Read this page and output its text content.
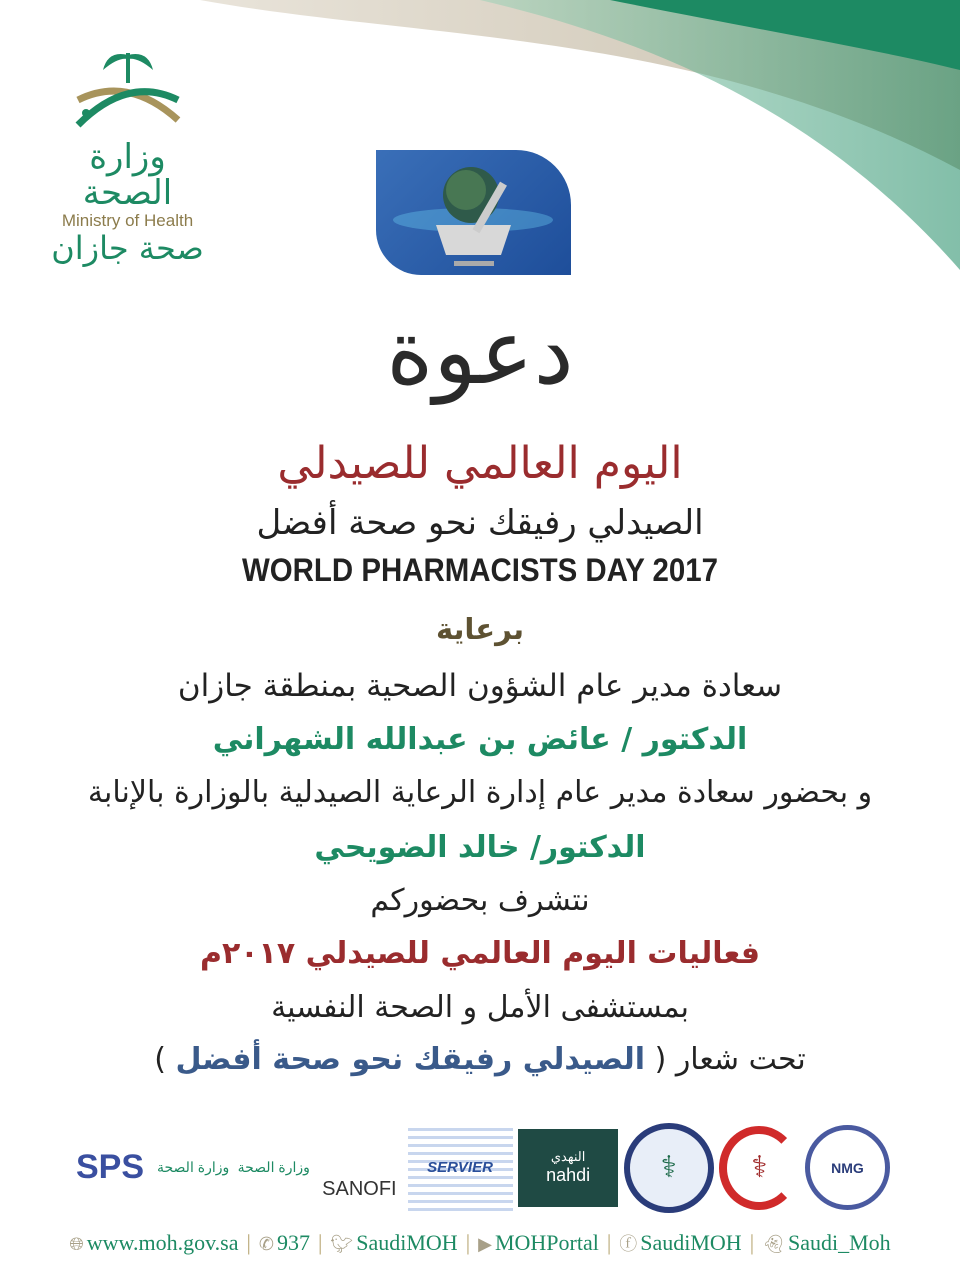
وزارة الصحة
Ministry of Health
صحة جازان
دعوة
اليوم العالمي للصيدلي
الصيدلي رفيقك نحو صحة أفضل
WORLD PHARMACISTS DAY 2017
برعاية
سعادة مدير عام الشؤون الصحية بمنطقة جازان
الدكتور / عائض بن عبدالله الشهراني
و بحضور سعادة مدير عام إدارة الرعاية الصيدلية بالوزارة بالإنابة
الدكتور/ خالد الضويحي
نتشرف بحضوركم
فعاليات اليوم العالمي للصيدلي ٢٠١٧م
بمستشفى الأمل و الصحة النفسية
تحت شعار ( الصيدلي رفيقك نحو صحة أفضل )
SPS وزارة الصحة وزارة الصحة
SANOFI
SERVIER
النهدي
nahdi	⚕	⚕	NMG
🌐︎ www.moh.gov.sa | ✆ 937 | 🐦︎ SaudiMOH | ▶ MOHPortal | ⓕ SaudiMOH | 👻︎ Saudi_Moh
